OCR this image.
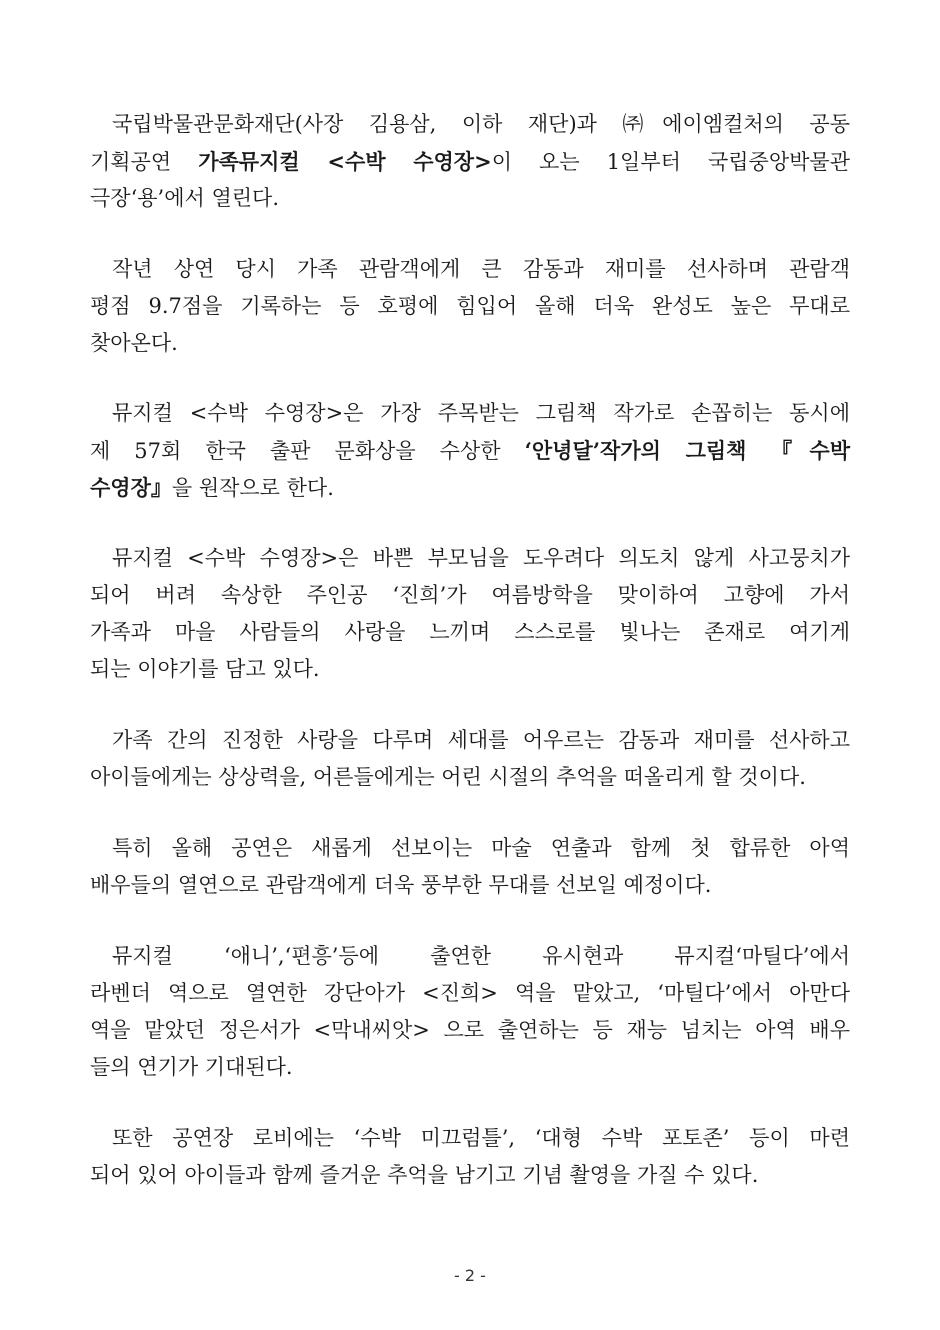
국립박물관문화재단(사장 김용삼, 이하 재단)과 ㈜에이엠컬처의 공동
기획공연 가족뮤지컬 <수박 수영장>이 오는 1일부터 국립중앙박물관
극장‘용’에서 열린다.
작년 상연 당시 가족 관람객에게 큰 감동과 재미를 선사하며 관람객
평점 9.7점을 기록하는 등 호평에 힘입어 올해 더욱 완성도 높은 무대로
찾아온다.
뮤지컬 <수박 수영장>은 가장 주목받는 그림책 작가로 손꼽히는 동시에
제 57회 한국 출판 문화상을 수상한 ‘안녕달’작가의 그림책 『수박
수영장』을 원작으로 한다.
뮤지컬 <수박 수영장>은 바쁜 부모님을 도우려다 의도치 않게 사고뭉치가
되어 버려 속상한 주인공 ‘진희’가 여름방학을 맞이하여 고향에 가서
가족과 마을 사람들의 사랑을 느끼며 스스로를 빛나는 존재로 여기게
되는 이야기를 담고 있다.
가족 간의 진정한 사랑을 다루며 세대를 어우르는 감동과 재미를 선사하고
아이들에게는 상상력을, 어른들에게는 어린 시절의 추억을 떠올리게 할 것이다.
특히 올해 공연은 새롭게 선보이는 마술 연출과 함께 첫 합류한 아역
배우들의 열연으로 관람객에게 더욱 풍부한 무대를 선보일 예정이다.
뮤지컬 ‘애니’,‘편흥’등에 출연한 유시현과 뮤지컬‘마틸다’에서
라벤더 역으로 열연한 강단아가 <진희> 역을 맡았고, ‘마틸다’에서 아만다
역을 맡았던 정은서가 <막내씨앗> 으로 출연하는 등 재능 넘치는 아역 배우
들의 연기가 기대된다.
또한 공연장 로비에는 ‘수박 미끄럼틀’, ‘대형 수박 포토존’ 등이 마련
되어 있어 아이들과 함께 즐거운 추억을 남기고 기념 촬영을 가질 수 있다.
- 2 -
